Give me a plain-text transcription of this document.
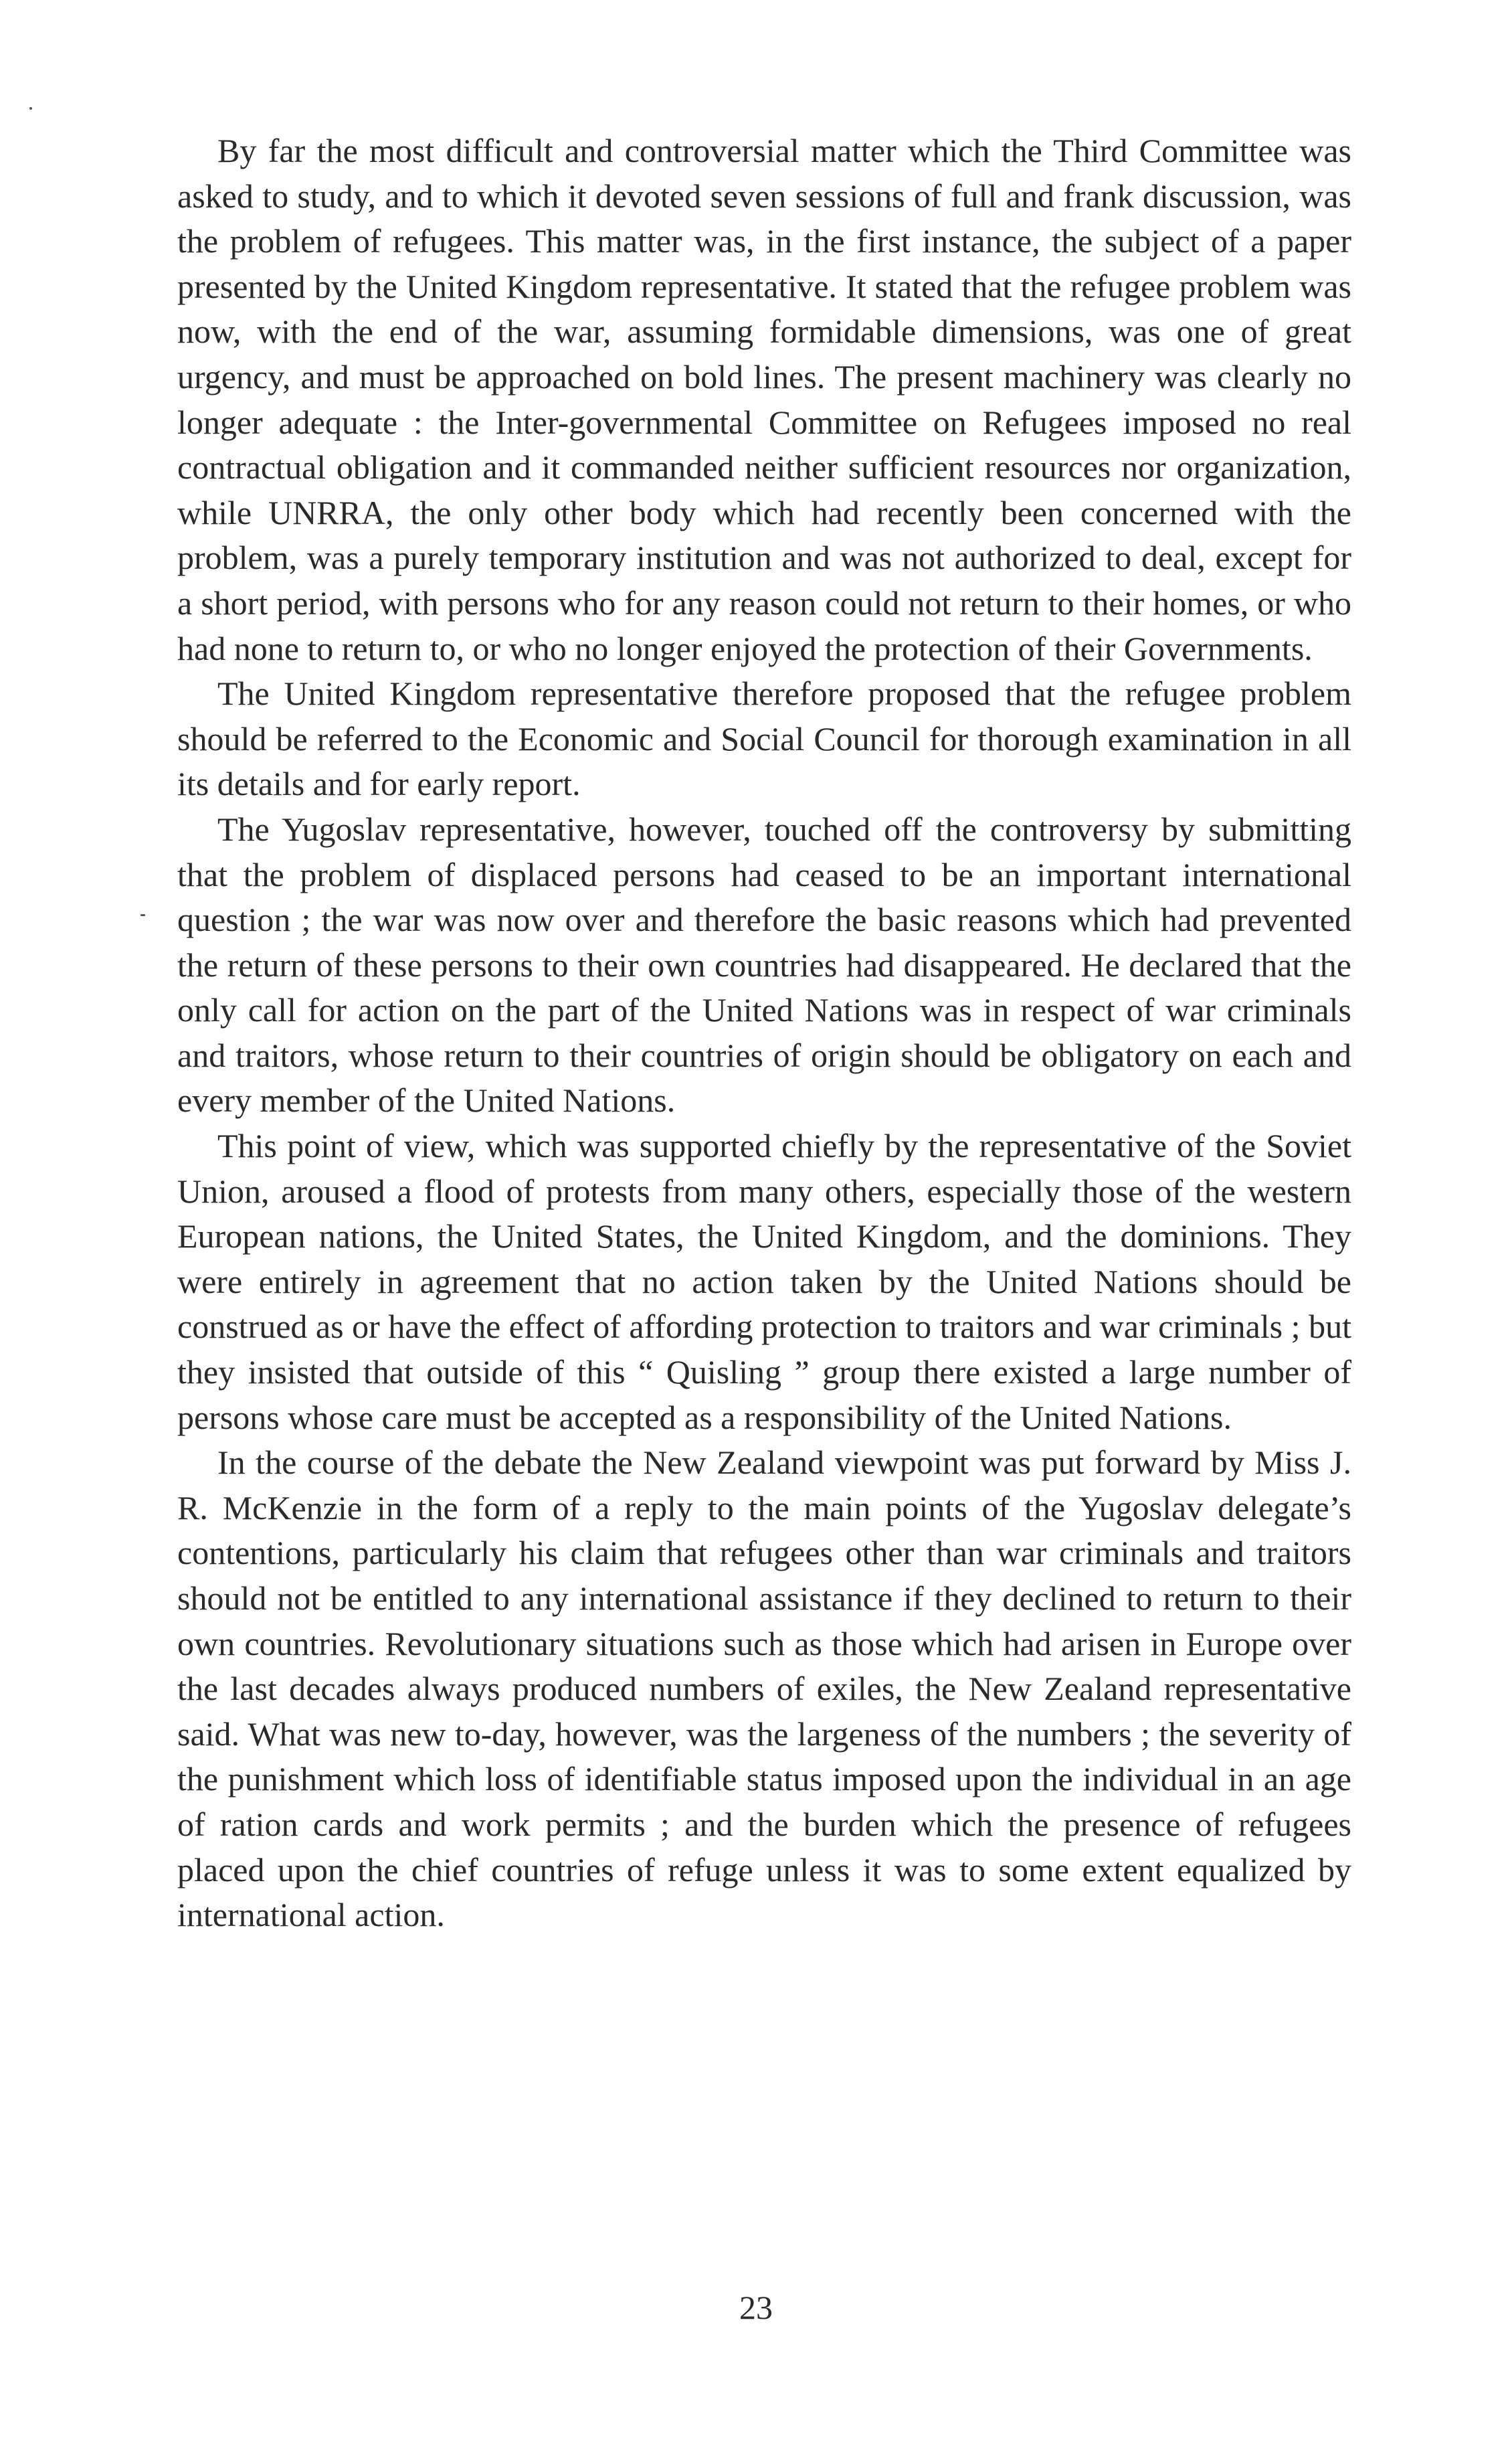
By far the most difficult and controversial matter which the Third Committee was asked to study, and to which it devoted seven sessions of full and frank discussion, was the problem of refugees. This matter was, in the first instance, the subject of a paper presented by the United Kingdom representative. It stated that the refugee problem was now, with the end of the war, assuming formidable dimensions, was one of great urgency, and must be approached on bold lines. The present machinery was clearly no longer adequate : the Inter-governmental Committee on Refugees imposed no real contractual obligation and it commanded neither sufficient resources nor organization, while UNRRA, the only other body which had recently been concerned with the problem, was a purely temporary institution and was not authorized to deal, except for a short period, with persons who for any reason could not return to their homes, or who had none to return to, or who no longer enjoyed the protection of their Governments.

The United Kingdom representative therefore proposed that the refugee problem should be referred to the Economic and Social Council for thorough examination in all its details and for early report.

The Yugoslav representative, however, touched off the controversy by submitting that the problem of displaced persons had ceased to be an important international question ; the war was now over and therefore the basic reasons which had prevented the return of these persons to their own countries had disappeared. He declared that the only call for action on the part of the United Nations was in respect of war criminals and traitors, whose return to their countries of origin should be obligatory on each and every member of the United Nations.

This point of view, which was supported chiefly by the representative of the Soviet Union, aroused a flood of protests from many others, especially those of the western European nations, the United States, the United Kingdom, and the dominions. They were entirely in agreement that no action taken by the United Nations should be construed as or have the effect of affording protection to traitors and war criminals ; but they insisted that outside of this “ Quisling ” group there existed a large number of persons whose care must be accepted as a responsibility of the United Nations.

In the course of the debate the New Zealand viewpoint was put forward by Miss J. R. McKenzie in the form of a reply to the main points of the Yugoslav delegate’s contentions, particularly his claim that refugees other than war criminals and traitors should not be entitled to any international assistance if they declined to return to their own countries. Revolutionary situations such as those which had arisen in Europe over the last decades always produced numbers of exiles, the New Zealand representative said. What was new to-day, however, was the largeness of the numbers ; the severity of the punishment which loss of identifiable status imposed upon the individual in an age of ration cards and work permits ; and the burden which the presence of refugees placed upon the chief countries of refuge unless it was to some extent equalized by international action.

23
